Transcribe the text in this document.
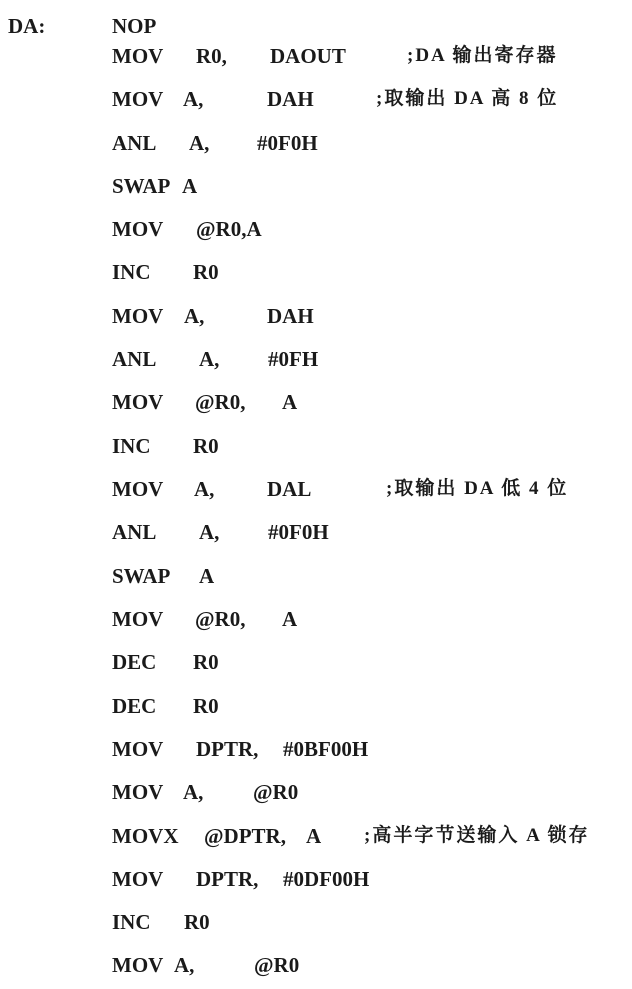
DA:	NOP
MOV R0, DAOUT	;DA 输出寄存器
MOV A,	DAH	;取输出 DA 高 8 位
ANL A, #0F0H
SWAP A
MOV @R0,A
INC R0
MOV A,	DAH
ANL A, #0FH
MOV @R0, A
INC R0
MOV A,	DAL	;取输出 DA 低 4 位
ANL A, #0F0H
SWAP A
MOV @R0, A
DEC R0
DEC R0
MOV DPTR, #0BF00H
MOV A, @R0
MOVX @DPTR, A ;高半字节送输入 A 锁存
MOV DPTR, #0DF00H
INC R0
MOV A,	@R0
